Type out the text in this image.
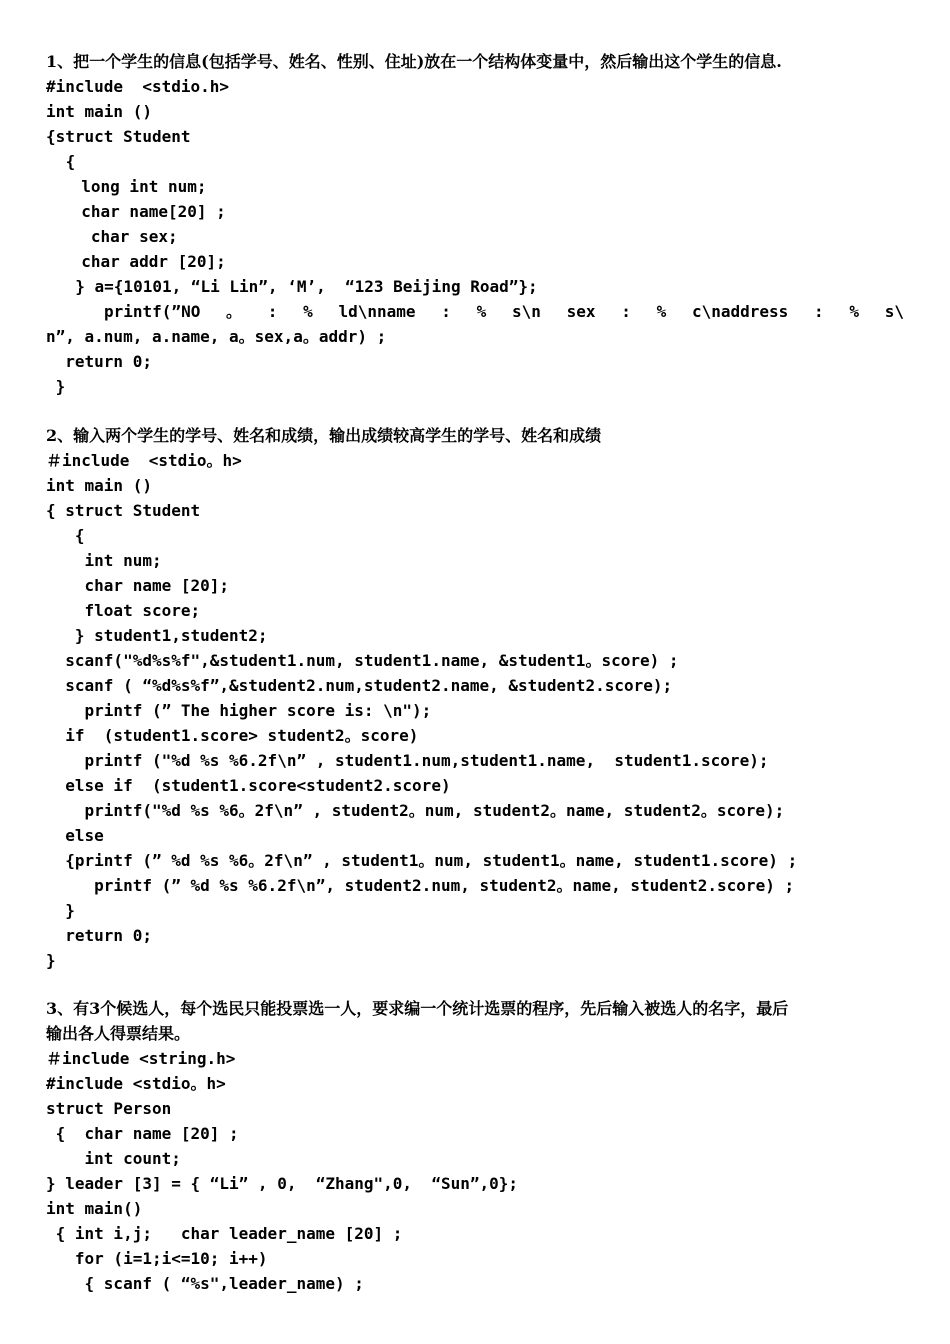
1、把一个学生的信息(包括学号、姓名、性别、住址)放在一个结构体变量中，然后输出这个学生的信息.
#include  <stdio.h>
int main ()
{struct Student
{
long int num;
char name[20] ;
char sex;
char addr [20];
} a={10101, “Li Lin”, ‘M’,  “123 Beijing Road”};
printf(”NO 。 : % ld\nname : % s\n sex : % c\naddress : % s\
n”, a.num, a.name, a。sex,a。addr) ;
return 0;
}
2、输入两个学生的学号、姓名和成绩，输出成绩较高学生的学号、姓名和成绩
＃include  <stdio。h>
int main ()
{ struct Student
{
int num;
char name [20];
float score;
} student1,student2;
scanf("%d%s%f",&student1.num, student1.name, &student1。score) ;
scanf ( “%d%s%f”,&student2.num,student2.name, &student2.score);
printf (” The higher score is: \n");
if  (student1.score> student2。score)
printf ("%d %s %6.2f\n” , student1.num,student1.name,  student1.score);
else if  (student1.score<student2.score)
printf("%d %s %6。2f\n” , student2。num, student2。name, student2。score);
else
{printf (” %d %s %6。2f\n” , student1。num, student1。name, student1.score) ;
printf (” %d %s %6.2f\n”, student2.num, student2。name, student2.score) ;
}
return 0;
}
3、有3个候选人，每个选民只能投票选一人，要求编一个统计选票的程序，先后输入被选人的名字，最后
输出各人得票结果。
＃include <string.h>
#include <stdio。h>
struct Person
{  char name [20] ;
int count;
} leader [3] = { “Li” , 0,  “Zhang",0,  “Sun”,0};
int main()
{ int i,j;   char leader_name [20] ;
for (i=1;i<=10; i++)
{ scanf ( “%s",leader_name) ;
